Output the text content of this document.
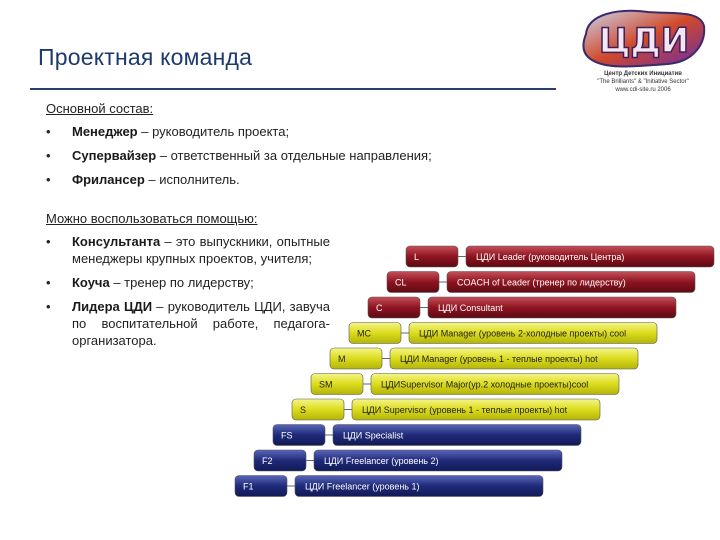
Проектная команда	ЦДИ
Центр Детских Инициатив
"The Brilliants" & "Initiative Sector"
www.cdi-site.ru 2006
Основной состав:
• Менеджер – руководитель проекта;
• Супервайзер – ответственный за отдельные направления;
• Фрилансер – исполнитель.
Можно воспользоваться помощью:
• Консультанта – это выпускники, опытные менеджеры крупных проектов, учителя;
• Коуча – тренер по лидерству;
• Лидера ЦДИ – руководитель ЦДИ, завуча по воспитательной работе, педагога-организатора.
L	ЦДИ Leader (руководитель Центра)
CL	COACH of Leader (тренер по лидерству)
C	ЦДИ Consultant
MC	ЦДИ Manager (уровень 2-холодные проекты) cool
M	ЦДИ Manager (уровень 1 - теплые проекты) hot
SM	ЦДИSupervisor Major(ур.2 холодные проекты)cool
S	ЦДИ Supervisor (уровень 1 - теплые проекты) hot
FS	ЦДИ Specialist
F2	ЦДИ Freelancer (уровень 2)
F1	ЦДИ Freelancer (уровень 1)
